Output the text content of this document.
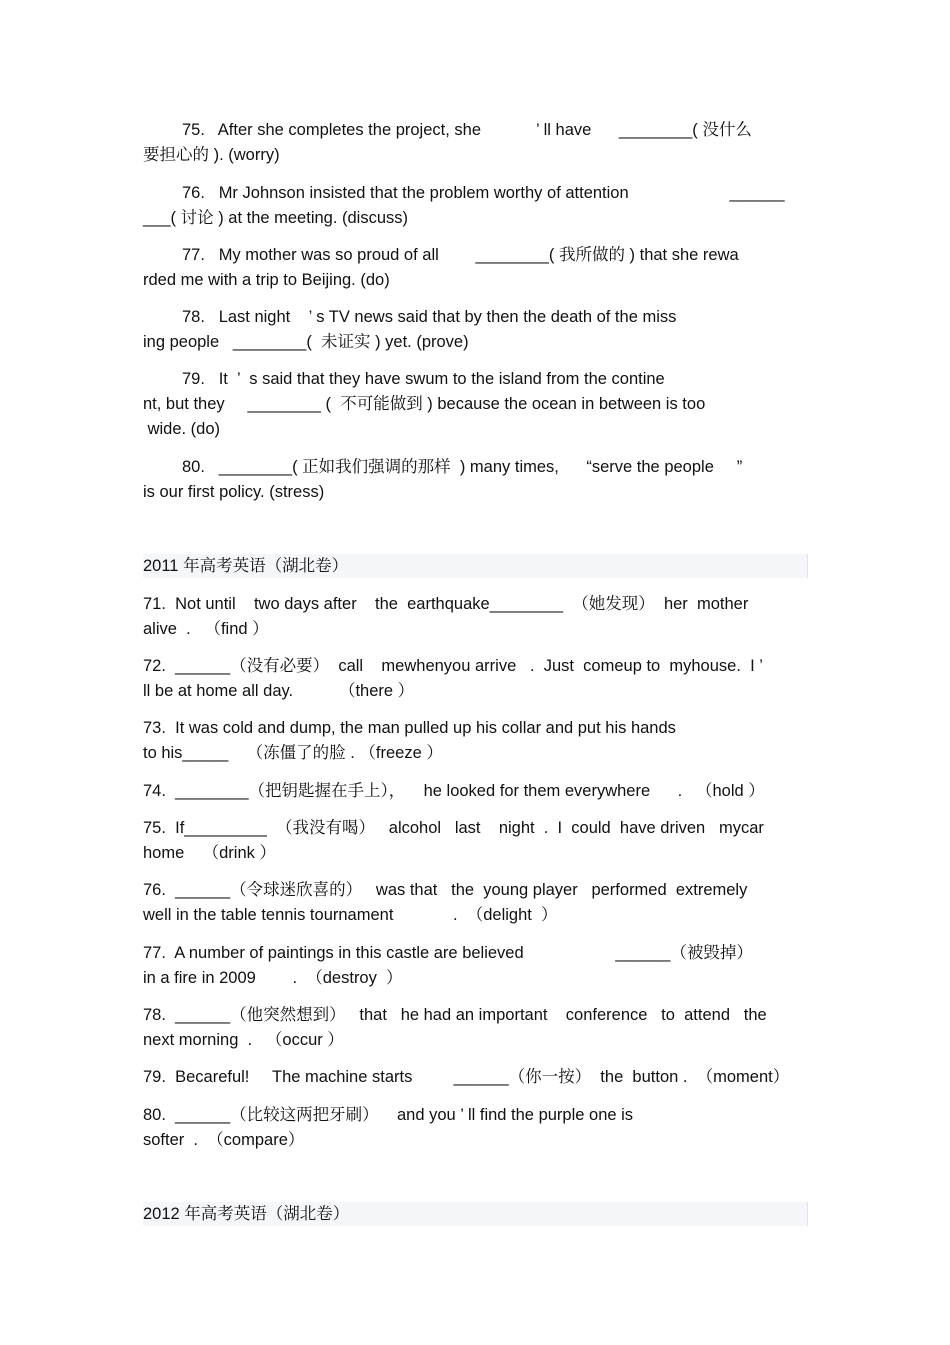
75.   After she completes the project, she            ’ ll have      ________( 没什么
要担心的 ). (worry)
76.   Mr Johnson insisted that the problem worthy of attention                      ______
___( 讨论 ) at the meeting. (discuss)
77.   My mother was so proud of all        ________( 我所做的 ) that she rewa
rded me with a trip to Beijing. (do)
78.   Last night    ’ s TV news said that by then the death of the miss
ing people   ________(  未证实 ) yet. (prove)
79.   It  ’  s said that they have swum to the island from the contine
nt, but they     ________ (  不可能做到 ) because the ocean in between is too
wide. (do)
80.   ________( 正如我们强调的那样  ) many times,      “serve the people     ”
is our first policy. (stress)
2011 年高考英语（湖北卷）
71.  Not until    two days after    the  earthquake________  （她发现）  her  mother
alive  .   （find ）
72.  ______（没有必要）  call    mewhenyou arrive   .  Just  comeup to  myhouse.  I ’
ll be at home all day.          （there ）
73.  It was cold and dump, the man pulled up his collar and put his hands
to his_____    （冻僵了的脸 . （freeze ）
74.  ________（把钥匙握在手上），    he looked for them everywhere      .   （hold ）
75.  If_________  （我没有喝）   alcohol   last    night  .  I  could  have driven   mycar
home    （drink ）
76.  ______（令球迷欣喜的）   was that   the  young player   performed  extremely
well in the table tennis tournament             .  （delight  ）
77.  A number of paintings in this castle are believed                    ______（被毁掉）
in a fire in 2009        .  （destroy  ）
78.  ______（他突然想到）   that   he had an important    conference   to  attend   the
next morning  .   （occur ）
79.  Becareful!     The machine starts         ______（你一按）  the  button .  （moment）
80.  ______（比较这两把牙刷）    and you ’ ll find the purple one is
softer  .  （compare）
2012 年高考英语（湖北卷）
